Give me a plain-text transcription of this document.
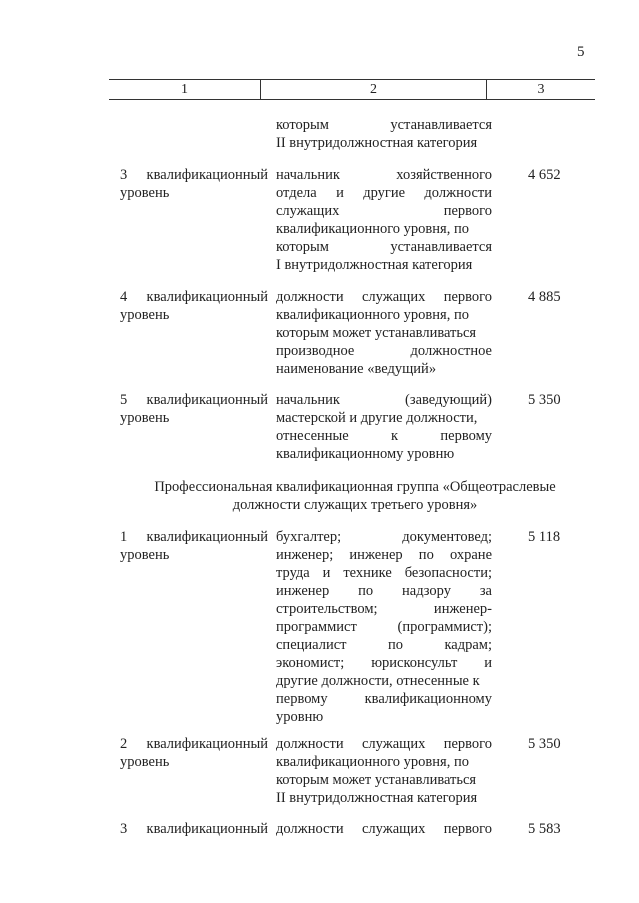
5
1	2	3
которым устанавливается
II внутридолжностная категория
3 квалификационный
уровень
начальник хозяйственного
отдела и другие должности
служащих первого
квалификационного уровня, по
которым устанавливается
I внутридолжностная категория
4 652
4 квалификационный
уровень
должности служащих первого
квалификационного уровня, по
которым может устанавливаться
производное должностное
наименование «ведущий»
4 885
5 квалификационный
уровень
начальник (заведующий)
мастерской и другие должности,
отнесенные к первому
квалификационному уровню
5 350
Профессиональная квалификационная группа «Общеотраслевые
должности служащих третьего уровня»
1 квалификационный
уровень
бухгалтер; документовед;
инженер; инженер по охране
труда и технике безопасности;
инженер по надзору за
строительством; инженер-
программист (программист);
специалист по кадрам;
экономист; юрисконсульт и
другие должности, отнесенные к
первому квалификационному
уровню
5 118
2 квалификационный
уровень
должности служащих первого
квалификационного уровня, по
которым может устанавливаться
II внутридолжностная категория
5 350
3 квалификационный должности служащих первого 5 583
